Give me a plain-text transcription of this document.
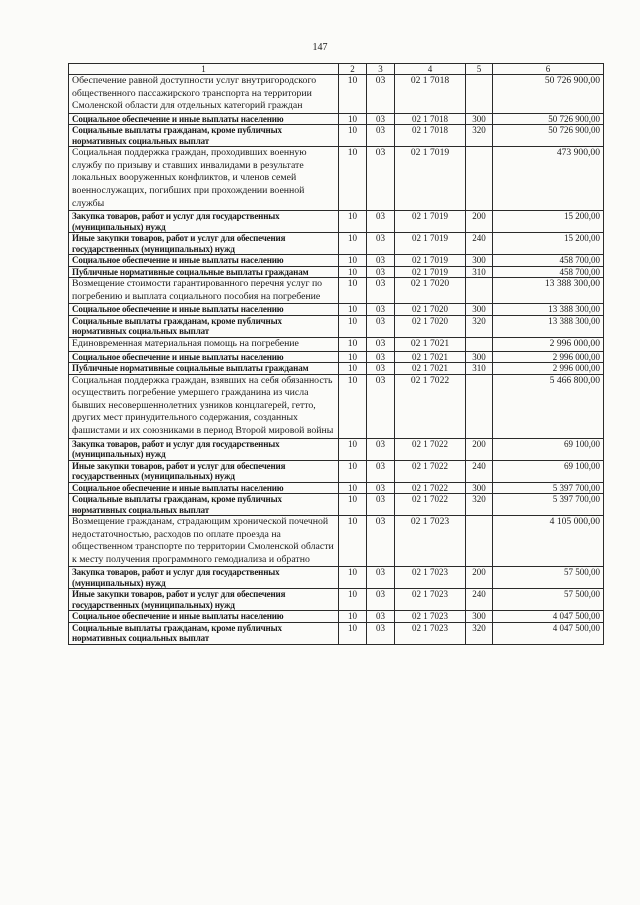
147
1	2	3	4	5	6
Обеспечение равной доступности услуг внутригородского общественного пассажирского транспорта на территории Смоленской области для отдельных категорий граждан	10	03	02 1 7018		50 726 900,00
Социальное обеспечение и иные выплаты населению	10	03	02 1 7018	300	50 726 900,00
Социальные выплаты гражданам, кроме публичных нормативных социальных выплат	10	03	02 1 7018	320	50 726 900,00
Социальная поддержка граждан, проходивших военную службу по призыву и ставших инвалидами в результате локальных вооруженных конфликтов, и членов семей военнослужащих, погибших при прохождении военной службы	10	03	02 1 7019		473 900,00
Закупка товаров, работ и услуг для государственных (муниципальных) нужд	10	03	02 1 7019	200	15 200,00
Иные закупки товаров, работ и услуг для обеспечения государственных (муниципальных) нужд	10	03	02 1 7019	240	15 200,00
Социальное обеспечение и иные выплаты населению	10	03	02 1 7019	300	458 700,00
Публичные нормативные социальные выплаты гражданам	10	03	02 1 7019	310	458 700,00
Возмещение стоимости гарантированного перечня услуг по погребению и выплата социального пособия на погребение	10	03	02 1 7020		13 388 300,00
Социальное обеспечение и иные выплаты населению	10	03	02 1 7020	300	13 388 300,00
Социальные выплаты гражданам, кроме публичных нормативных социальных выплат	10	03	02 1 7020	320	13 388 300,00
Единовременная материальная помощь на погребение	10	03	02 1 7021		2 996 000,00
Социальное обеспечение и иные выплаты населению	10	03	02 1 7021	300	2 996 000,00
Публичные нормативные социальные выплаты гражданам	10	03	02 1 7021	310	2 996 000,00
Социальная поддержка граждан, взявших на себя обязанность осуществить погребение умершего гражданина из числа бывших несовершеннолетних узников концлагерей, гетто, других мест принудительного содержания, созданных фашистами и их союзниками в период Второй мировой войны	10	03	02 1 7022		5 466 800,00
Закупка товаров, работ и услуг для государственных (муниципальных) нужд	10	03	02 1 7022	200	69 100,00
Иные закупки товаров, работ и услуг для обеспечения государственных (муниципальных) нужд	10	03	02 1 7022	240	69 100,00
Социальное обеспечение и иные выплаты населению	10	03	02 1 7022	300	5 397 700,00
Социальные выплаты гражданам, кроме публичных нормативных социальных выплат	10	03	02 1 7022	320	5 397 700,00
Возмещение гражданам, страдающим хронической почечной недостаточностью, расходов по оплате проезда на общественном транспорте по территории Смоленской области к месту получения программного гемодиализа и обратно	10	03	02 1 7023		4 105 000,00
Закупка товаров, работ и услуг для государственных (муниципальных) нужд	10	03	02 1 7023	200	57 500,00
Иные закупки товаров, работ и услуг для обеспечения государственных (муниципальных) нужд	10	03	02 1 7023	240	57 500,00
Социальное обеспечение и иные выплаты населению	10	03	02 1 7023	300	4 047 500,00
Социальные выплаты гражданам, кроме публичных нормативных социальных выплат	10	03	02 1 7023	320	4 047 500,00
